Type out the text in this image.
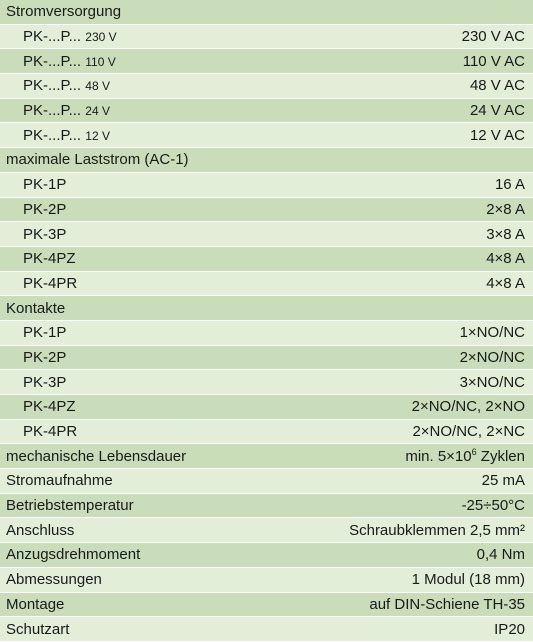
Stromversorgung
PK-...P... 230 V	230 V AC
PK-...P... 110 V	110 V AC
PK-...P... 48 V	48 V AC
PK-...P... 24 V	24 V AC
PK-...P... 12 V	12 V AC
maximale Laststrom (AC-1)
PK-1P	16 A
PK-2P	2×8 A
PK-3P	3×8 A
PK-4PZ	4×8 A
PK-4PR	4×8 A
Kontakte
PK-1P	1×NO/NC
PK-2P	2×NO/NC
PK-3P	3×NO/NC
PK-4PZ	2×NO/NC, 2×NO
PK-4PR	2×NO/NC, 2×NC
mechanische Lebensdauer	min. $5\times 10^6$ Zyklen
Stromaufnahme	25 mA
Betriebstemperatur	-25÷50°C
Anschluss	Schraubklemmen 2,5 mm²
Anzugsdrehmoment	0,4 Nm
Abmessungen	1 Modul (18 mm)
Montage	auf DIN-Schiene TH-35
Schutzart	IP20
